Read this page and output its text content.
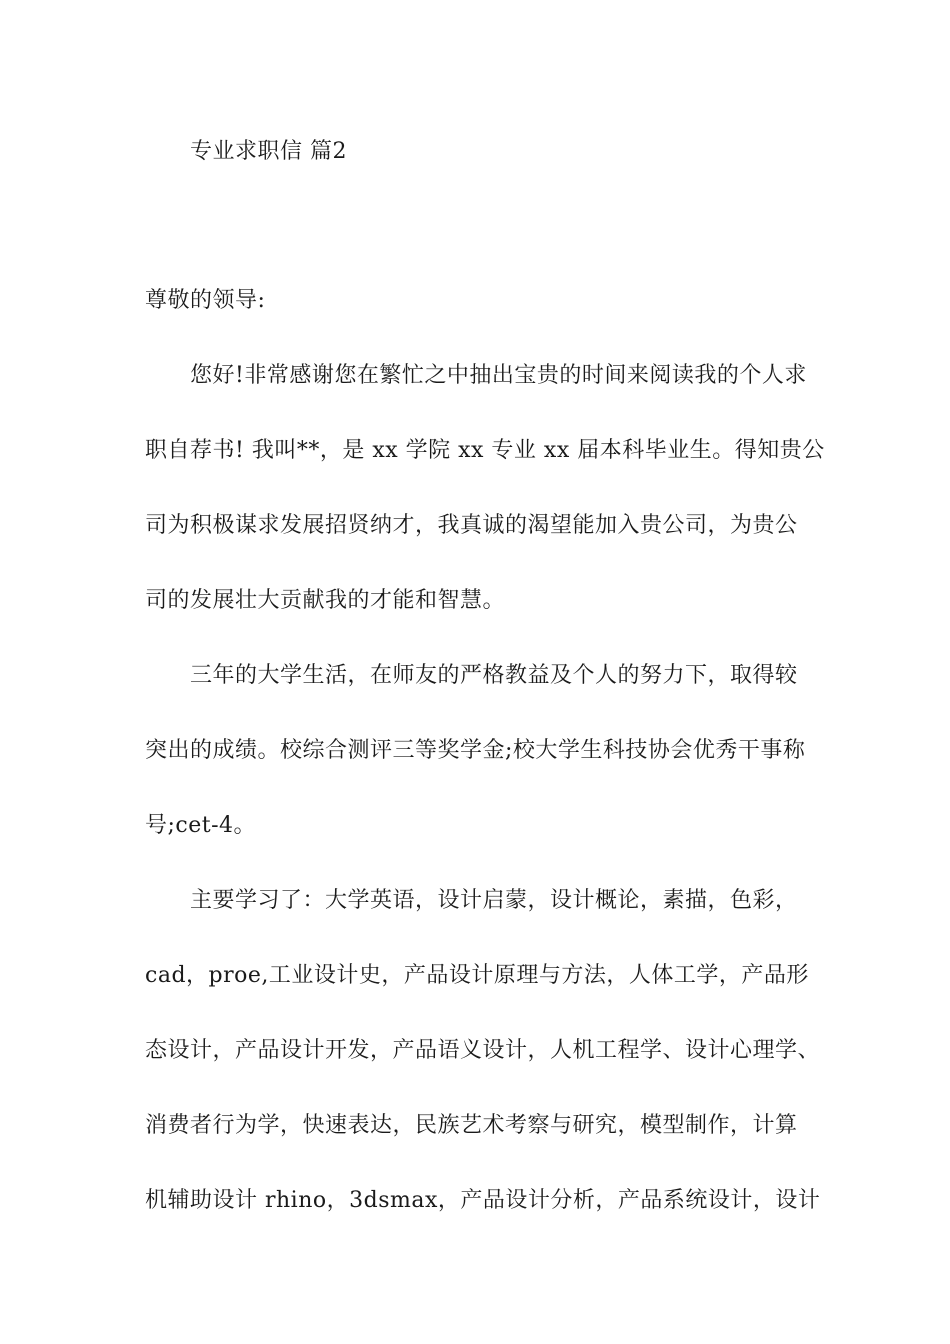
专业求职信 篇2
尊敬的领导:
您好!非常感谢您在繁忙之中抽出宝贵的时间来阅读我的个人求
职自荐书! 我叫**，是 xx 学院 xx 专业 xx 届本科毕业生。得知贵公
司为积极谋求发展招贤纳才，我真诚的渴望能加入贵公司，为贵公
司的发展壮大贡献我的才能和智慧。
三年的大学生活，在师友的严格教益及个人的努力下，取得较
突出的成绩。校综合测评三等奖学金;校大学生科技协会优秀干事称
号;cet-4。
主要学习了：大学英语，设计启蒙，设计概论，素描，色彩，
cad，proe,工业设计史，产品设计原理与方法，人体工学，产品形
态设计，产品设计开发，产品语义设计，人机工程学、设计心理学、
消费者行为学，快速表达，民族艺术考察与研究，模型制作，计算
机辅助设计 rhino，3dsmax，产品设计分析，产品系统设计，设计
